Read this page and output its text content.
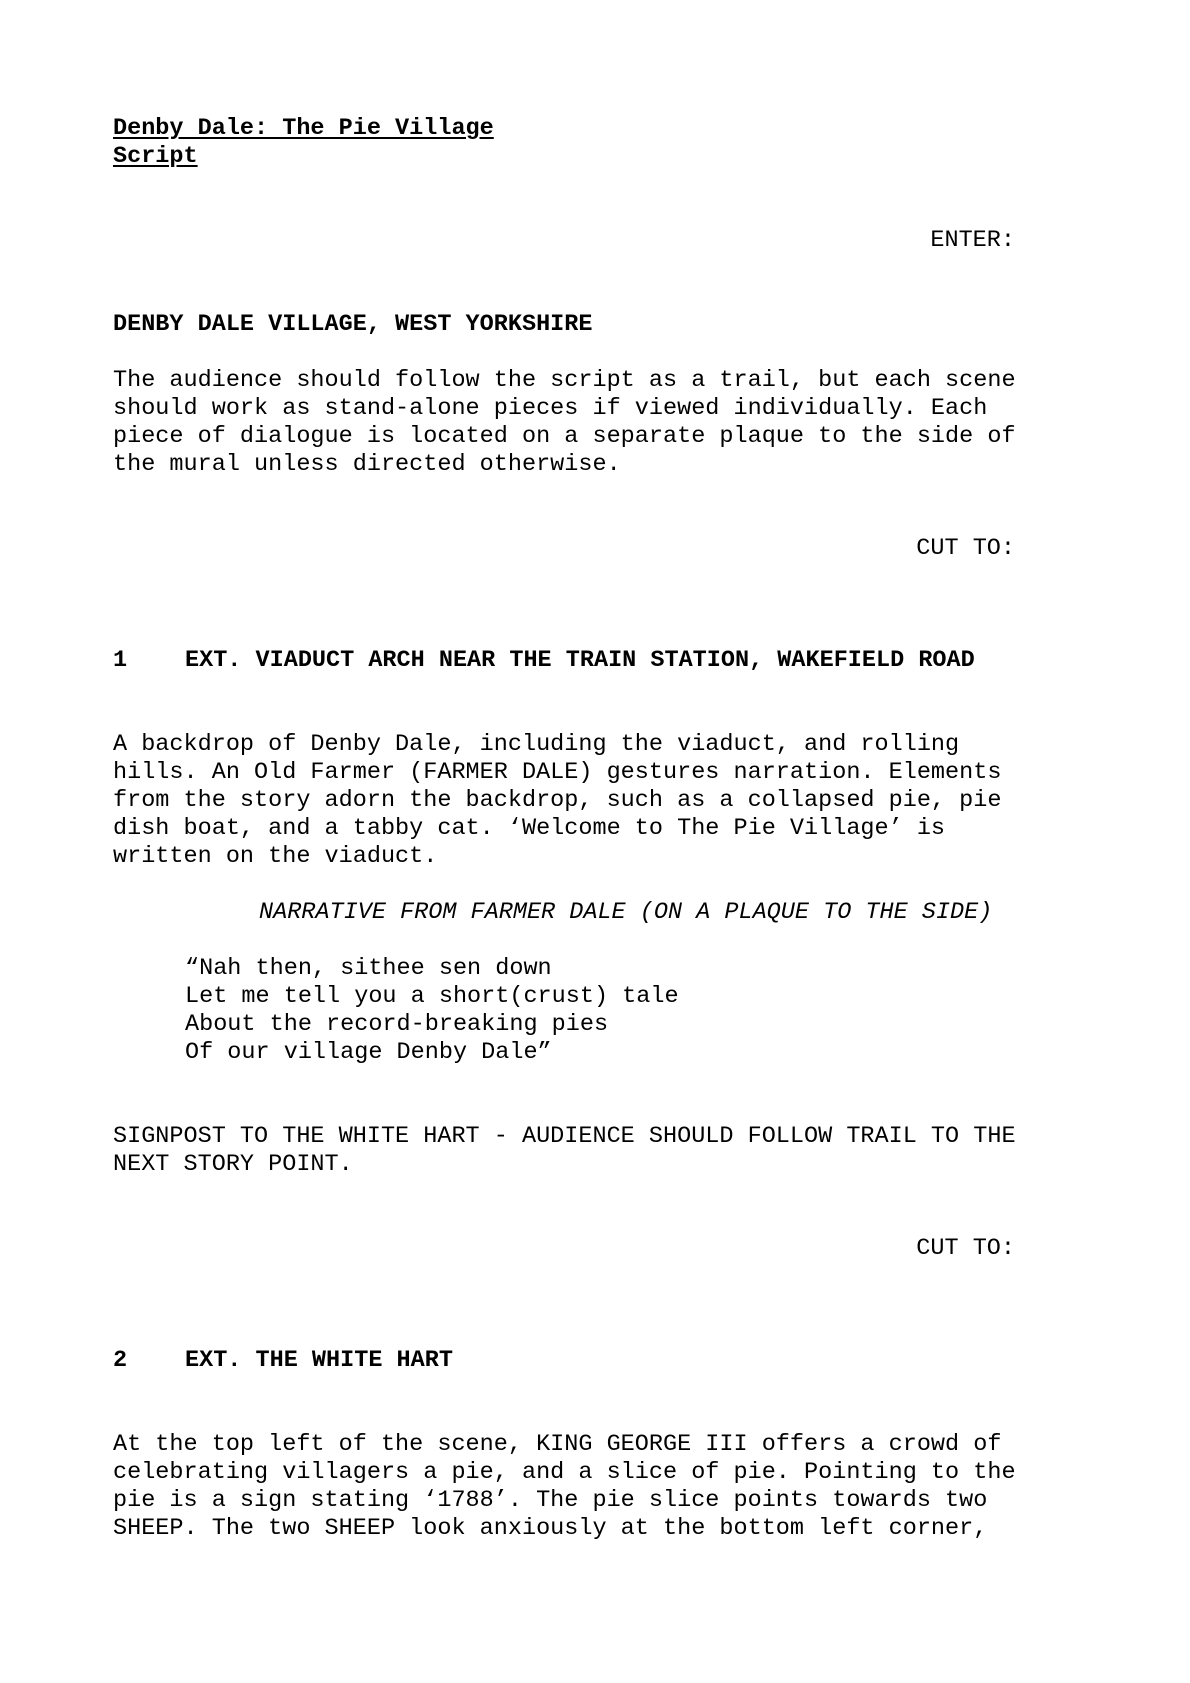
Denby Dale: The Pie Village
Script
ENTER:
DENBY DALE VILLAGE, WEST YORKSHIRE
The audience should follow the script as a trail, but each scene
should work as stand-alone pieces if viewed individually. Each
piece of dialogue is located on a separate plaque to the side of
the mural unless directed otherwise.
CUT TO:
1 EXT. VIADUCT ARCH NEAR THE TRAIN STATION, WAKEFIELD ROAD
A backdrop of Denby Dale, including the viaduct, and rolling
hills. An Old Farmer (FARMER DALE) gestures narration. Elements
from the story adorn the backdrop, such as a collapsed pie, pie
dish boat, and a tabby cat. ‘Welcome to The Pie Village’ is
written on the viaduct.
NARRATIVE FROM FARMER DALE (ON A PLAQUE TO THE SIDE)
“Nah then, sithee sen down
Let me tell you a short(crust) tale
About the record-breaking pies
Of our village Denby Dale”
SIGNPOST TO THE WHITE HART - AUDIENCE SHOULD FOLLOW TRAIL TO THE
NEXT STORY POINT.
CUT TO:
2 EXT. THE WHITE HART
At the top left of the scene, KING GEORGE III offers a crowd of
celebrating villagers a pie, and a slice of pie. Pointing to the
pie is a sign stating ‘1788’. The pie slice points towards two
SHEEP. The two SHEEP look anxiously at the bottom left corner,
